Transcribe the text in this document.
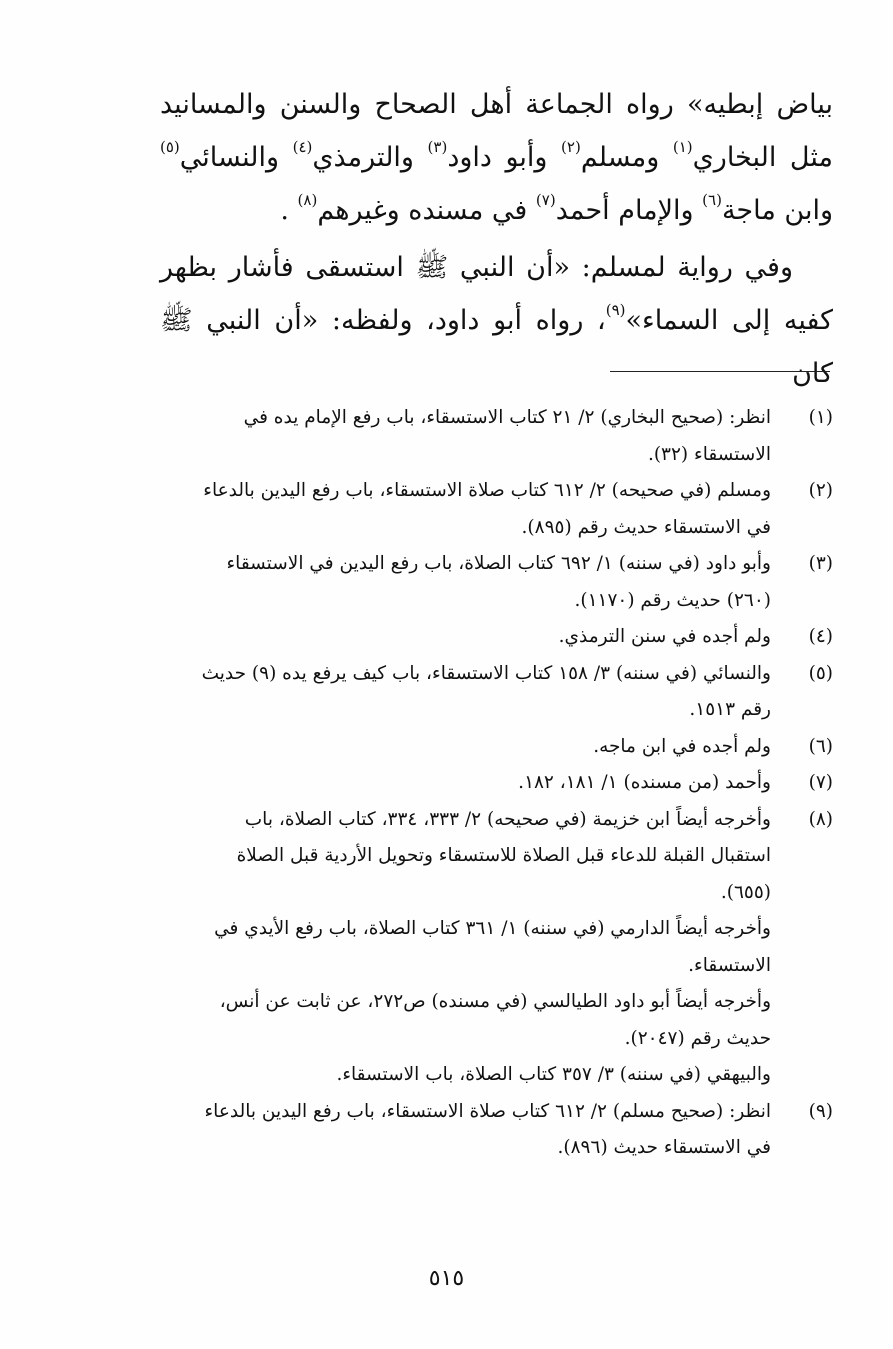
بياض إبطيه» رواه الجماعة أهل الصحاح والسنن والمسانيد مثل البخاري$^{(١)}$ ومسلم$^{(٢)}$ وأبو داود$^{(٣)}$ والترمذي$^{(٤)}$ والنسائي$^{(٥)}$ وابن ماجة$^{(٦)}$ والإمام أحمد$^{(٧)}$ في مسنده وغيرهم$^{(٨)}$ .

وفي رواية لمسلم: «أن النبي ﷺ استسقى فأشار بظهر كفيه إلى السماء»$^{(٩)}$، رواه أبو داود، ولفظه: «أن النبي ﷺ كان

(١)
انظر: (صحيح البخاري) ٢/ ٢١ كتاب الاستسقاء، باب رفع الإمام يده في
الاستسقاء (٣٢).
(٢)
ومسلم (في صحيحه) ٢/ ٦١٢ كتاب صلاة الاستسقاء، باب رفع اليدين بالدعاء
في الاستسقاء حديث رقم (٨٩٥).
(٣)
وأبو داود (في سننه) ١/ ٦٩٢ كتاب الصلاة، باب رفع اليدين في الاستسقاء
(٢٦٠) حديث رقم (١١٧٠).
(٤)
ولم أجده في سنن الترمذي.
(٥)
والنسائي (في سننه) ٣/ ١٥٨ كتاب الاستسقاء، باب كيف يرفع يده (٩) حديث
رقم ١٥١٣.
(٦)
ولم أجده في ابن ماجه.
(٧)
وأحمد (من مسنده) ١/ ١٨١، ١٨٢.
(٨)
وأخرجه أيضاً ابن خزيمة (في صحيحه) ٢/ ٣٣٣، ٣٣٤، كتاب الصلاة، باب
استقبال القبلة للدعاء قبل الصلاة للاستسقاء وتحويل الأردية قبل الصلاة
(٦٥٥).
وأخرجه أيضاً الدارمي (في سننه) ١/ ٣٦١ كتاب الصلاة، باب رفع الأيدي في
الاستسقاء.
وأخرجه أيضاً أبو داود الطيالسي (في مسنده) ص٢٧٢، عن ثابت عن أنس،
حديث رقم (٢٠٤٧).
والبيهقي (في سننه) ٣/ ٣٥٧ كتاب الصلاة، باب الاستسقاء.
(٩)
انظر: (صحيح مسلم) ٢/ ٦١٢ كتاب صلاة الاستسقاء، باب رفع اليدين بالدعاء
في الاستسقاء حديث (٨٩٦).
٥١٥
